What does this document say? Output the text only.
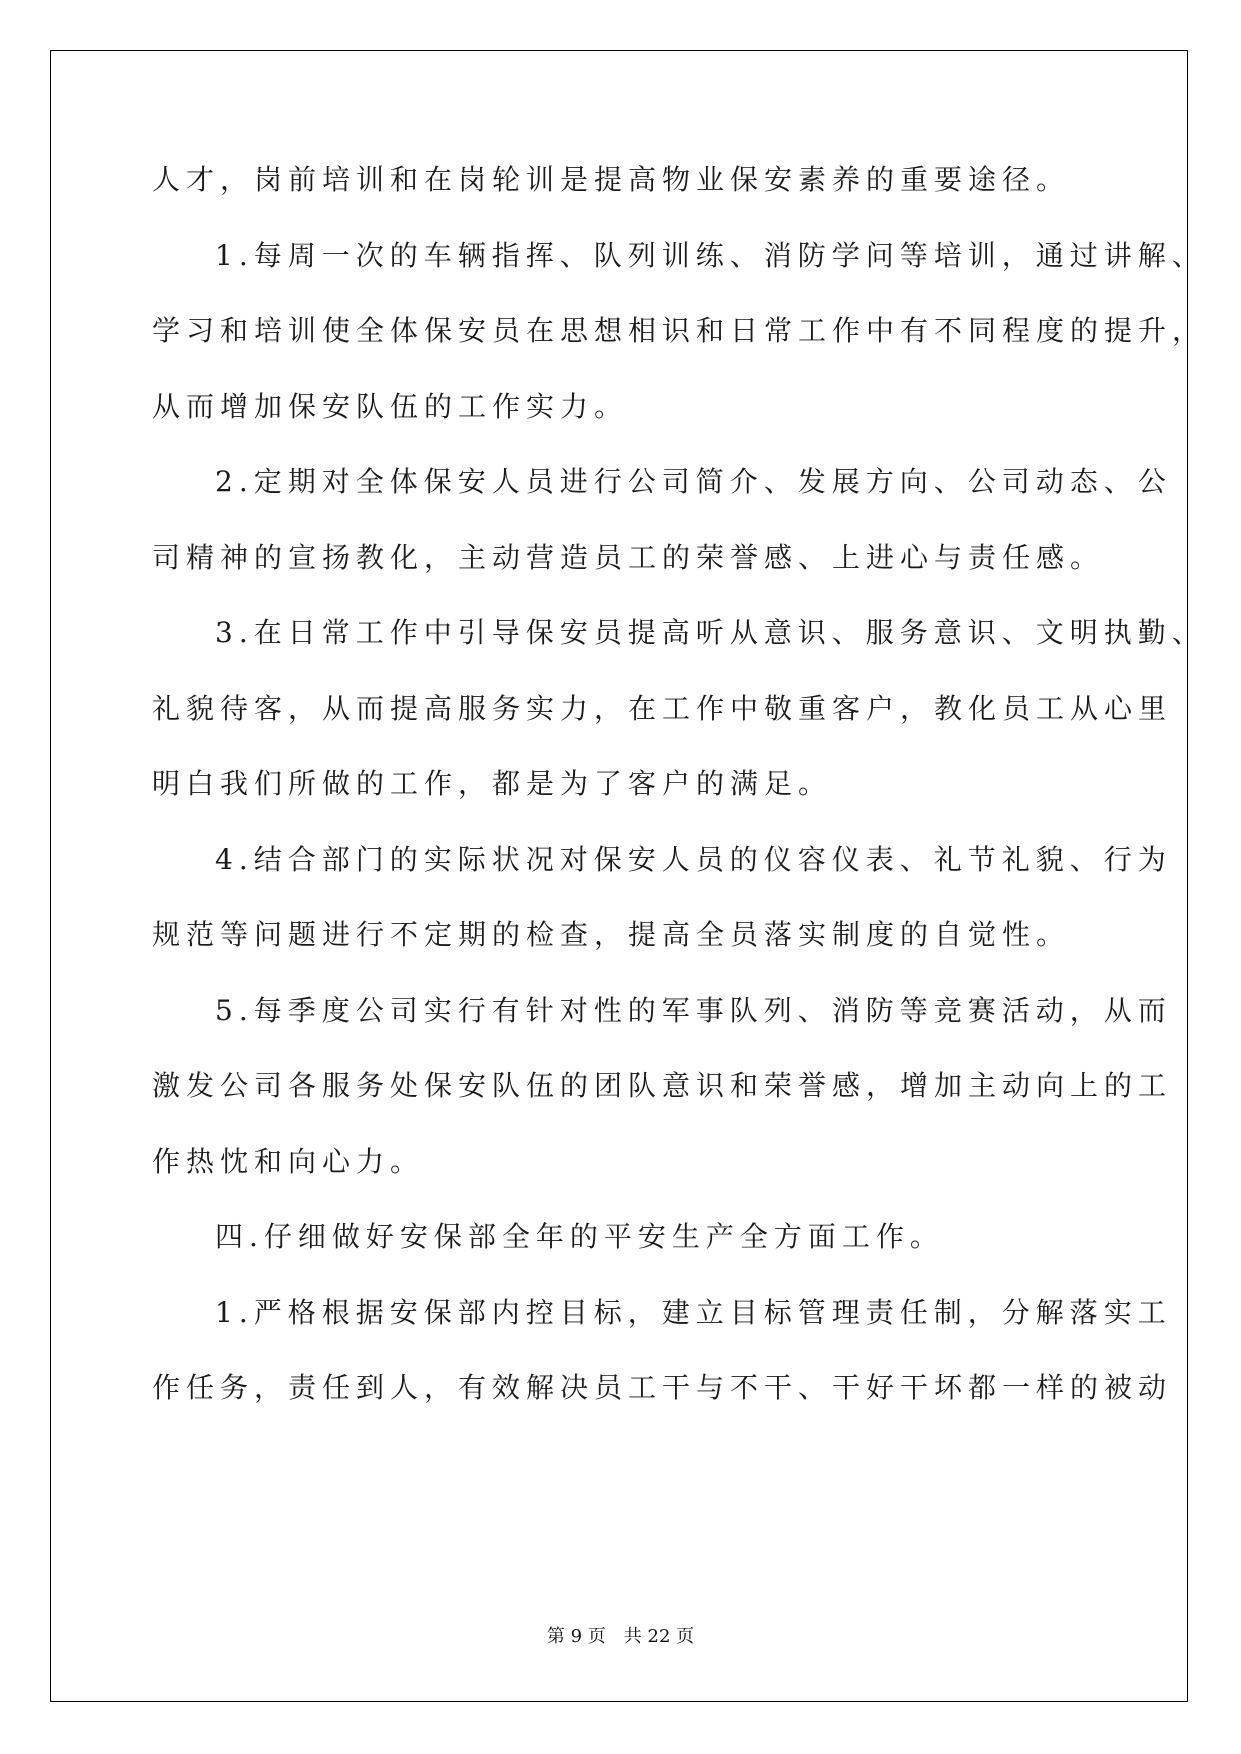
人才，岗前培训和在岗轮训是提高物业保安素养的重要途径。
1.每周一次的车辆指挥、队列训练、消防学问等培训，通过讲解、
学习和培训使全体保安员在思想相识和日常工作中有不同程度的提升，
从而增加保安队伍的工作实力。
2.定期对全体保安人员进行公司简介、发展方向、公司动态、公
司精神的宣扬教化，主动营造员工的荣誉感、上进心与责任感。
3.在日常工作中引导保安员提高听从意识、服务意识、文明执勤、
礼貌待客，从而提高服务实力，在工作中敬重客户，教化员工从心里
明白我们所做的工作，都是为了客户的满足。
4.结合部门的实际状况对保安人员的仪容仪表、礼节礼貌、行为
规范等问题进行不定期的检查，提高全员落实制度的自觉性。
5.每季度公司实行有针对性的军事队列、消防等竞赛活动，从而
激发公司各服务处保安队伍的团队意识和荣誉感，增加主动向上的工
作热忱和向心力。
四.仔细做好安保部全年的平安生产全方面工作。
1.严格根据安保部内控目标，建立目标管理责任制，分解落实工
作任务，责任到人，有效解决员工干与不干、干好干坏都一样的被动
第 9 页　共 22 页
